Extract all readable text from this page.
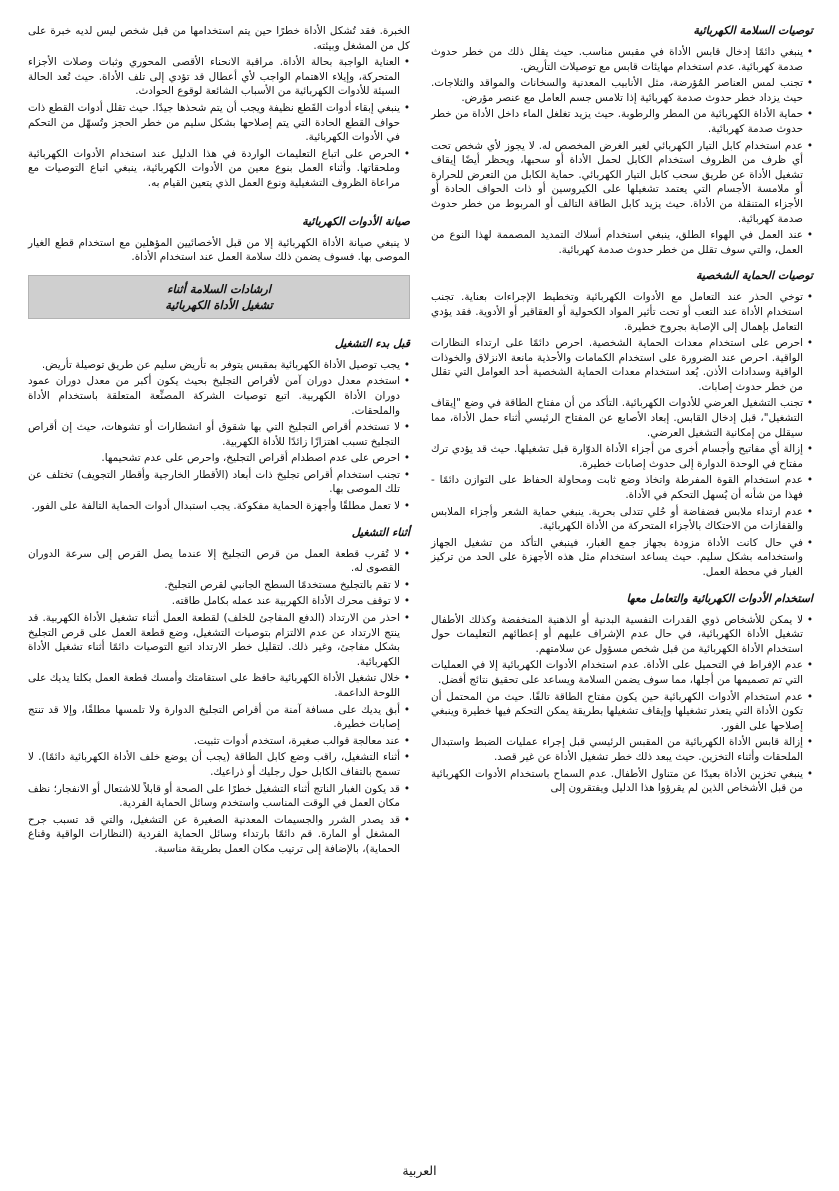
توصيات السلامة الكهربائية
• ينبغي دائمًا إدخال قابس الأداة في مقبس مناسب. حيث يقلل ذلك من خطر حدوث صدمة كهربائية. عدم استخدام مهايئات قابس مع توصيلات التأريض.
• تجنب لمس العناصر المُؤرضة، مثل الأنابيب المعدنية والسخانات والمواقد والثلاجات. حيث يزداد خطر حدوث صدمة كهربائية إذا تلامس جسم العامل مع عنصر مؤرض.
• حماية الأداة الكهربائية من المطر والرطوبة. حيث يزيد تغلغل الماء داخل الأداة من خطر حدوث صدمة كهربائية.
• عدم استخدام كابل التيار الكهربائي لغير الغرض المخصص له. لا يجوز لأي شخص تحت أي ظرف من الظروف استخدام الكابل لحمل الأداة أو سحبها، ويحظر أيضًا إيقاف تشغيل الأداة عن طريق سحب كابل التيار الكهربائي. حماية الكابل من التعرض للحرارة أو ملامسة الأجسام التي يعتمد تشغيلها على الكيروسين أو ذات الحواف الحادة أو الأجزاء المتنقلة من الأداة. حيث يزيد كابل الطاقة التالف أو المربوط من خطر حدوث صدمة كهربائية.
• عند العمل في الهواء الطلق، ينبغي استخدام أسلاك التمديد المصممة لهذا النوع من العمل، والتي سوف تقلل من خطر حدوث صدمة كهربائية.
توصيات الحماية الشخصية
• توخي الحذر عند التعامل مع الأدوات الكهربائية وتخطيط الإجراءات بعناية. تجنب استخدام الأداة عند التعب أو تحت تأثير المواد الكحولية أو العقاقير أو الأدوية. فقد يؤدي التعامل بإهمال إلى الإصابة بجروح خطيرة.
• احرص على استخدام معدات الحماية الشخصية. احرص دائمًا على ارتداء النظارات الواقية. احرص عند الضرورة على استخدام الكمامات والأحذية مانعة الانزلاق والخوذات الواقية وسدادات الأذن. يُعد استخدام معدات الحماية الشخصية أحد العوامل التي تقلل من خطر حدوث إصابات.
• تجنب التشغيل العرضي للأدوات الكهربائية. التأكد من أن مفتاح الطاقة في وضع "إيقاف التشغيل"، قبل إدخال القابس. إبعاد الأصابع عن المفتاح الرئيسي أثناء حمل الأداة، مما سيقلل من إمكانية التشغيل العرضي.
• إزالة أي مفاتيح وأجسام أخرى من أجزاء الأداة الدوّارة قبل تشغيلها. حيث قد يؤدي ترك مفتاح في الوحدة الدوارة إلى حدوث إصابات خطيرة.
• عدم استخدام القوة المفرطة واتخاذ وضع ثابت ومحاولة الحفاظ على التوازن دائمًا - فهذا من شأنه أن يُسهل التحكم في الأداة.
• عدم ارتداء ملابس فضفاضة أو حُلي تتدلى بحرية. ينبغي حماية الشعر وأجزاء الملابس والقفازات من الاحتكاك بالأجزاء المتحركة من الأداة الكهربائية.
• في حال كانت الأداة مزودة بجهاز جمع الغبار، فينبغي التأكد من تشغيل الجهاز واستخدامه بشكل سليم. حيث يساعد استخدام مثل هذه الأجهزة على الحد من تركيز الغبار في محطة العمل.
استخدام الأدوات الكهربائية والتعامل معها
• لا يمكن للأشخاص ذوي القدرات النفسية البدنية أو الذهنية المنخفضة وكذلك الأطفال تشغيل الأداة الكهربائية، في حال عدم الإشراف عليهم أو إعطائهم التعليمات حول استخدام الأداة الكهربائية من قبل شخص مسؤول عن سلامتهم.
• عدم الإفراط في التحميل على الأداة. عدم استخدام الأدوات الكهربائية إلا في العمليات التي تم تصميمها من أجلها، مما سوف يضمن السلامة ويساعد على تحقيق نتائج أفضل.
• عدم استخدام الأدوات الكهربائية حين يكون مفتاح الطاقة تالفًا. حيث من المحتمل أن تكون الأداة التي يتعذر تشغيلها وإيقاف تشغيلها بطريقة يمكن التحكم فيها خطيرة وينبغي إصلاحها على الفور.
• إزالة قابس الأداة الكهربائية من المقبس الرئيسي قبل إجراء عمليات الضبط واستبدال الملحقات وأثناء التخزين. حيث يبعد ذلك خطر تشغيل الأداة عن غير قصد.
• ينبغي تخزين الأداة بعيدًا عن متناول الأطفال. عدم السماح باستخدام الأدوات الكهربائية من قبل الأشخاص الذين لم يقرؤوا هذا الدليل ويفتقرون إلى
الخبرة. فقد تُشكل الأداة خطرًا حين يتم استخدامها من قبل شخص ليس لديه خبرة على كل من المشغل وبيئته.
• العناية الواجبة بحالة الأداة. مراقبة الانحناء الأقصى المحوري وثبات وصلات الأجزاء المتحركة، وإيلاء الاهتمام الواجب لأي أعطال قد تؤدي إلى تلف الأداة. حيث تُعد الحالة السيئة للأدوات الكهربائية من الأسباب الشائعة لوقوع الحوادث.
• ينبغي إبقاء أدوات القَطع نظيفة ويجب أن يتم شحذها جيدًا. حيث تقلل أدوات القطع ذات حواف القطع الحادة التي يتم إصلاحها بشكل سليم من خطر الحجز وتُسهّل من التحكم في الأدوات الكهربائية.
• الحرص على اتباع التعليمات الواردة في هذا الدليل عند استخدام الأدوات الكهربائية وملحقاتها. وأثناء العمل بنوع معين من الأدوات الكهربائية، ينبغي اتباع التوصيات مع مراعاة الظروف التشغيلية ونوع العمل الذي يتعين القيام به.
صيانة الأدوات الكهربائية

لا ينبغي صيانة الأداة الكهربائية إلا من قبل الأخصائيين المؤهلين مع استخدام قطع الغيار الموصى بها. فسوف يضمن ذلك سلامة العمل عند استخدام الأداة.

ارشادات السلامة أثناء
تشغيل الأداة الكهربائية
قبل بدء التشغيل
• يجب توصيل الأداة الكهربائية بمقبس يتوفر به تأريض سليم عن طريق توصيلة تأريض.
• استخدم معدل دوران آمن لأقراص التجليخ بحيث يكون أكبر من معدل دوران عمود دوران الأداة الكهربية. اتبع توصيات الشركة المصنِّعة المتعلقة باستخدام الأداة والملحقات.
• لا تستخدم أقراص التجليخ التي بها شقوق أو انشطارات أو تشوهات، حيث إن أقراص التجليخ تسبب اهتزازًا زائدًا للأداة الكهربية.
• احرص على عدم اصطدام أقراص التجليخ، واحرص على عدم تشحيمها.
• تجنب استخدام أقراص تجليخ ذات أبعاد (الأقطار الخارجية وأقطار التجويف) تختلف عن تلك الموصى بها.
• لا تعمل مطلقًا وأجهزة الحماية مفكوكة. يجب استبدال أدوات الحماية التالفة على الفور.
أثناء التشغيل
• لا تُقرب قطعة العمل من قرص التجليخ إلا عندما يصل القرص إلى سرعة الدوران القصوى له.
• لا تقم بالتجليخ مستخدمًا السطح الجانبي لقرص التجليخ.
• لا توقف محرك الأداة الكهربية عند عمله بكامل طاقته.
• احذر من الارتداد (الدفع المفاجئ للخلف) لقطعة العمل أثناء تشغيل الأداة الكهربية. قد ينتج الارتداد عن عدم الالتزام بتوصيات التشغيل، وضع قطعة العمل على قرص التجليخ بشكل مفاجئ، وغير ذلك. لتقليل خطر الارتداد اتبع التوصيات دائمًا أثناء تشغيل الأداة الكهربائية.
• خلال تشغيل الأداة الكهربائية حافظ على استقامتك وأمسك قطعة العمل بكلتا يديك على اللوحة الداعمة.
• أبق يديك على مسافة آمنة من أقراص التجليخ الدوارة ولا تلمسها مطلقًا، وإلا قد تنتج إصابات خطيرة.
• عند معالجة قوالب صغيرة، استخدم أدوات تثبيت.
• أثناء التشغيل، راقب وضع كابل الطاقة (يجب أن يوضع خلف الأداة الكهربائية دائمًا). لا تسمح بالتفاف الكابل حول رجليك أو ذراعيك.
• قد يكون الغبار الناتج أثناء التشغيل خطرًا على الصحة أو قابلاً للاشتعال أو الانفجار؛ نظف مكان العمل في الوقت المناسب واستخدم وسائل الحماية الفردية.
• قد يصدر الشرر والجسيمات المعدنية الصغيرة عن التشغيل، والتي قد تسبب جرح المشغل أو المارة. قم دائمًا بارتداء وسائل الحماية الفردية (النظارات الواقية وقناع الحماية)، بالإضافة إلى ترتيب مكان العمل بطريقة مناسبة.
العربية
